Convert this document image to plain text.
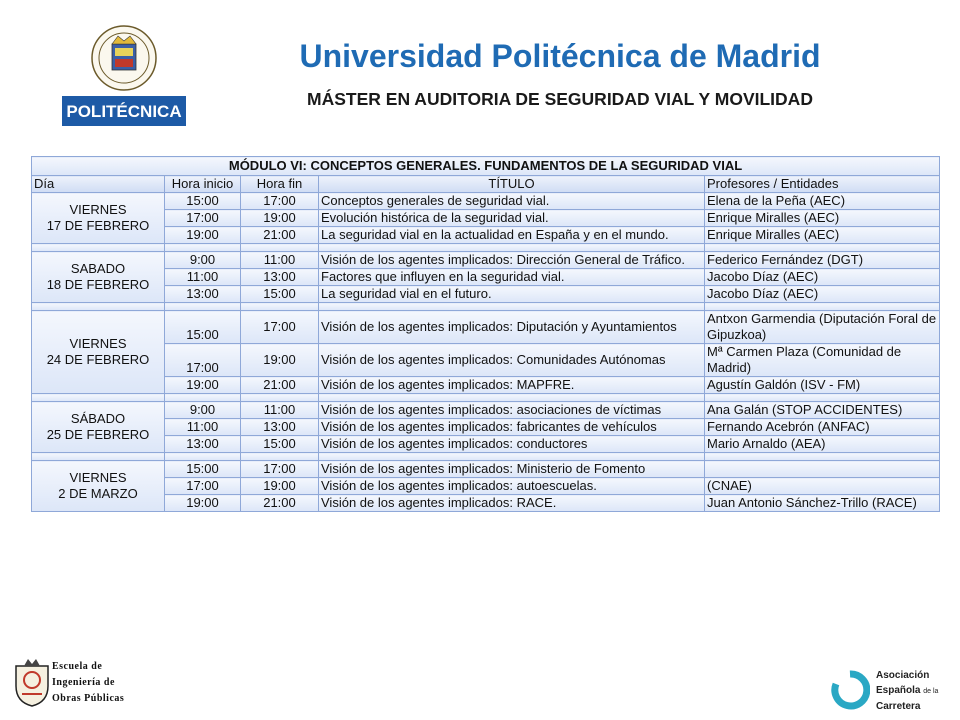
POLITÉCNICA
Universidad Politécnica de Madrid
MÁSTER EN AUDITORIA DE SEGURIDAD VIAL Y MOVILIDAD
MÓDULO VI: CONCEPTOS GENERALES. FUNDAMENTOS DE LA SEGURIDAD VIAL				
Día	Hora inicio	Hora fin	TÍTULO	Profesores / Entidades

VIERNES
17 DE FEBRERO	15:00	17:00	Conceptos generales de seguridad vial.	Elena de la Peña (AEC)
	17:00	19:00	Evolución histórica de la seguridad vial.	Enrique Miralles (AEC)
	19:00	21:00	La seguridad vial en la actualidad en España y en el mundo.	Enrique Miralles (AEC)

SABADO
18 DE FEBRERO	9:00	11:00	Visión de los agentes implicados: Dirección General de Tráfico.	Federico Fernández (DGT)
	11:00	13:00	Factores que influyen en la seguridad vial.	Jacobo Díaz (AEC)
	13:00	15:00	La seguridad vial en el futuro.	Jacobo Díaz (AEC)

VIERNES
24 DE FEBRERO	15:00	17:00	Visión de los agentes implicados: Diputación y Ayuntamientos	Antxon Garmendia (Diputación Foral de Gipuzkoa)
	17:00	19:00	Visión de los agentes implicados: Comunidades Autónomas	Mª Carmen Plaza (Comunidad de Madrid)
	19:00	21:00	Visión de los agentes implicados: MAPFRE.	Agustín Galdón (ISV - FM)

SÁBADO
25 DE FEBRERO	9:00	11:00	Visión de los agentes implicados: asociaciones de víctimas	Ana Galán (STOP ACCIDENTES)
	11:00	13:00	Visión de los agentes implicados: fabricantes de vehículos	Fernando Acebrón (ANFAC)
	13:00	15:00	Visión de los agentes implicados: conductores	Mario Arnaldo (AEA)

VIERNES
2 DE MARZO	15:00	17:00	Visión de los agentes implicados: Ministerio de Fomento	
	17:00	19:00	Visión de los agentes implicados: autoescuelas.	(CNAE)
	19:00	21:00	Visión de los agentes implicados: RACE.	Juan Antonio Sánchez-Trillo (RACE)
Escuela de
Ingeniería de
Obras Públicas
Asociación
Española de la
Carretera
